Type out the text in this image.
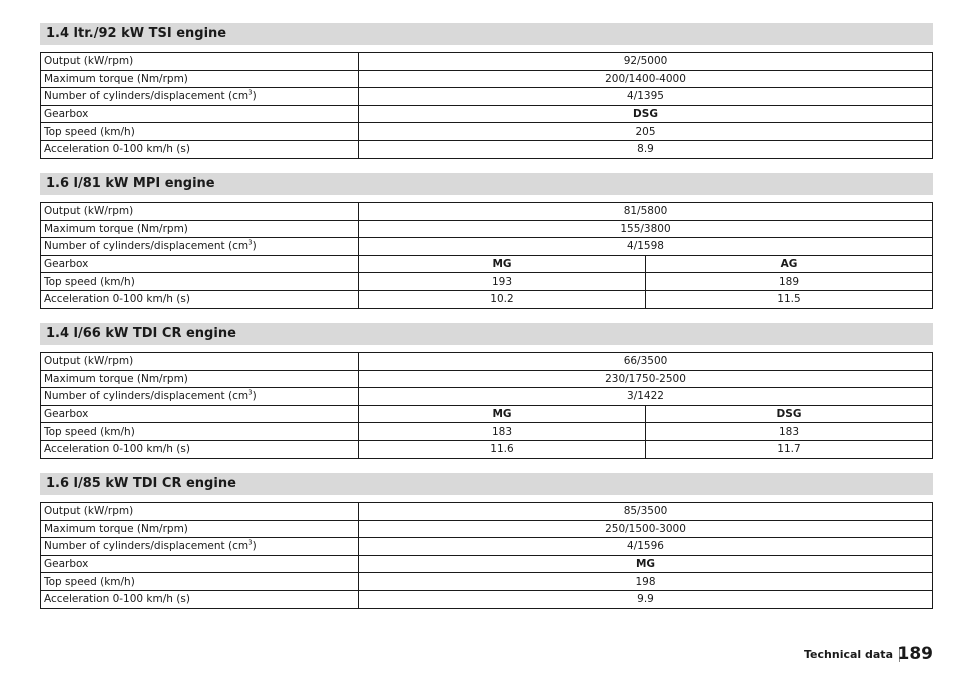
1.4 ltr./92 kW TSI engine
Output (kW/rpm)	92/5000
Maximum torque (Nm/rpm)	200/1400-4000
Number of cylinders/displacement $(cm^3)$	4/1395
Gearbox	DSG
Top speed (km/h)	205
Acceleration 0-100 km/h (s)	8.9
1.6 l/81 kW MPI engine
Output (kW/rpm)	81/5800	
Maximum torque (Nm/rpm)	155/3800	
Number of cylinders/displacement $(cm^3)$	4/1598	
Gearbox	MG	AG
Top speed (km/h)	193	189
Acceleration 0-100 km/h (s)	10.2	11.5
1.4 l/66 kW TDI CR engine
Output (kW/rpm)	66/3500	
Maximum torque (Nm/rpm)	230/1750-2500	
Number of cylinders/displacement $(cm^3)$	3/1422	
Gearbox	MG	DSG
Top speed (km/h)	183	183
Acceleration 0-100 km/h (s)	11.6	11.7
1.6 l/85 kW TDI CR engine
Output (kW/rpm)	85/3500
Maximum torque (Nm/rpm)	250/1500-3000
Number of cylinders/displacement $(cm^3)$	4/1596
Gearbox	MG
Top speed (km/h)	198
Acceleration 0-100 km/h (s)	9.9
Technical data 189
